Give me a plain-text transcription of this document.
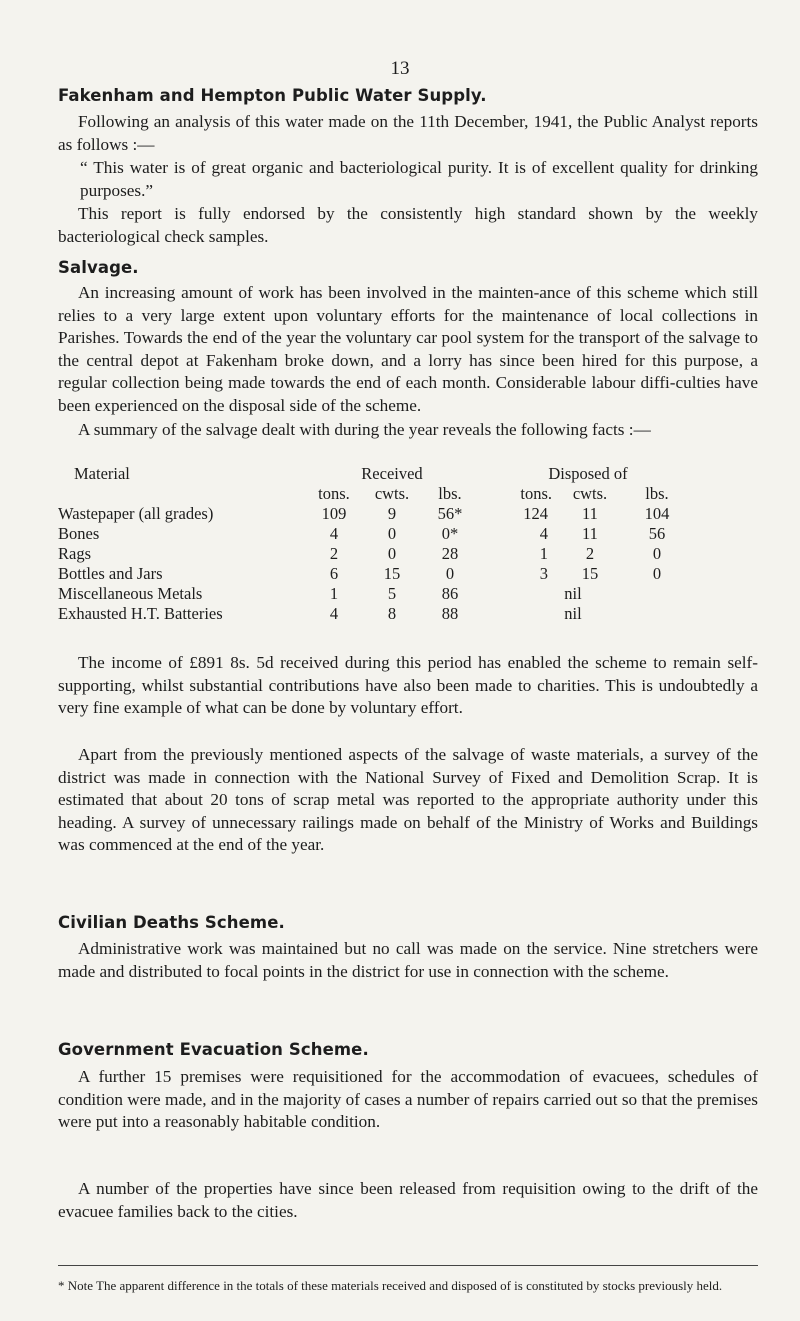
13
Fakenham and Hempton Public Water Supply.

Following an analysis of this water made on the 11th December, 1941, the Public Analyst reports as follows :—

“ This water is of great organic and bacteriological purity. It is of excellent quality for drinking purposes.”

This report is fully endorsed by the consistently high standard shown by the weekly bacteriological check samples.

Salvage.

An increasing amount of work has been involved in the mainten-ance of this scheme which still relies to a very large extent upon voluntary efforts for the maintenance of local collections in Parishes. Towards the end of the year the voluntary car pool system for the transport of the salvage to the central depot at Fakenham broke down, and a lorry has since been hired for this purpose, a regular collection being made towards the end of each month. Considerable labour diffi-culties have been experienced on the disposal side of the scheme.

A summary of the salvage dealt with during the year reveals the following facts :—

Material	Received			Disposed of		
	tons.	cwts.	lbs.	tons.	cwts.	lbs.
Wastepaper (all grades)	109	9	56*	124	11	104
Bones	4	0	0*	4	11	56
Rags	2	0	28	1	2	0
Bottles and Jars	6	15	0	3	15	0
Miscellaneous Metals	1	5	86	nil		
Exhausted H.T. Batteries	4	8	88	nil		

The income of £891 8s. 5d received during this period has enabled the scheme to remain self-supporting, whilst substantial contributions have also been made to charities. This is undoubtedly a very fine example of what can be done by voluntary effort.

Apart from the previously mentioned aspects of the salvage of waste materials, a survey of the district was made in connection with the National Survey of Fixed and Demolition Scrap. It is estimated that about 20 tons of scrap metal was reported to the appropriate authority under this heading. A survey of unnecessary railings made on behalf of the Ministry of Works and Buildings was commenced at the end of the year.

Civilian Deaths Scheme.

Administrative work was maintained but no call was made on the service. Nine stretchers were made and distributed to focal points in the district for use in connection with the scheme.

Government Evacuation Scheme.

A further 15 premises were requisitioned for the accommodation of evacuees, schedules of condition were made, and in the majority of cases a number of repairs carried out so that the premises were put into a reasonably habitable condition.

A number of the properties have since been released from requisition owing to the drift of the evacuee families back to the cities.

* Note The apparent difference in the totals of these materials received and disposed of is constituted by stocks previously held.
